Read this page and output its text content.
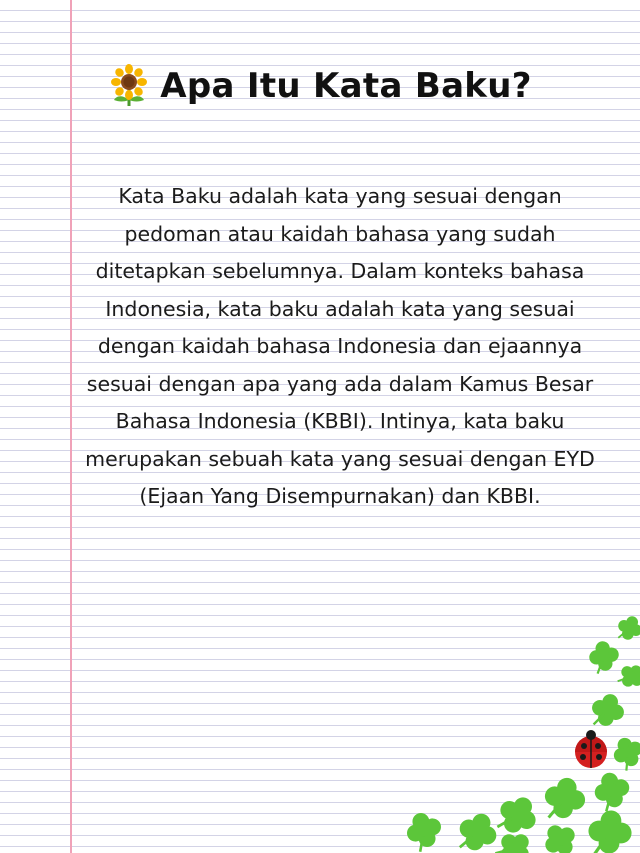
Apa Itu Kata Baku?
Kata Baku adalah kata yang sesuai dengan pedoman atau kaidah bahasa yang sudah ditetapkan sebelumnya. Dalam konteks bahasa Indonesia, kata baku adalah kata yang sesuai dengan kaidah bahasa Indonesia dan ejaannya sesuai dengan apa yang ada dalam Kamus Besar Bahasa Indonesia (KBBI). Intinya, kata baku merupakan sebuah kata yang sesuai dengan EYD (Ejaan Yang Disempurnakan) dan KBBI.
